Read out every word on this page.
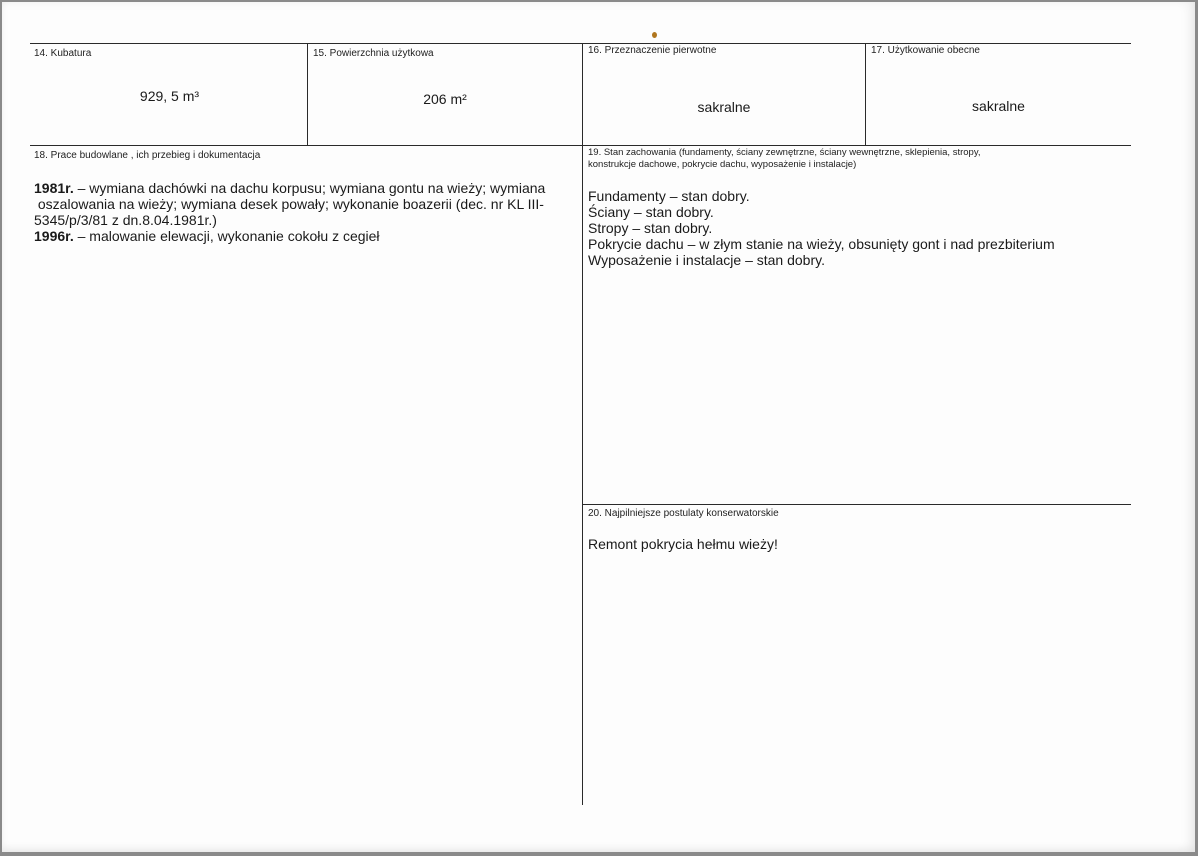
14. Kubatura
929, 5 m³
15. Powierzchnia użytkowa
206 m²
16. Przeznaczenie pierwotne
sakralne
17. Użytkowanie obecne
sakralne
18. Prace budowlane , ich przebieg i dokumentacja

1981r. – wymiana dachówki na dachu korpusu; wymiana gontu na wieży; wymiana

oszalowania na wieży; wymiana desek powały; wykonanie boazerii (dec. nr KL III-

5345/p/3/81 z dn.8.04.1981r.)

1996r. – malowanie elewacji, wykonanie cokołu z cegieł

19. Stan zachowania (fundamenty, ściany zewnętrzne, ściany wewnętrzne, sklepienia, stropy,
konstrukcje dachowe, pokrycie dachu, wyposażenie i instalacje)

Fundamenty – stan dobry.

Ściany – stan dobry.

Stropy – stan dobry.

Pokrycie dachu – w złym stanie na wieży, obsunięty gont i nad prezbiterium

Wyposażenie i instalacje – stan dobry.

20. Najpilniejsze postulaty konserwatorskie
Remont pokrycia hełmu wieży!
